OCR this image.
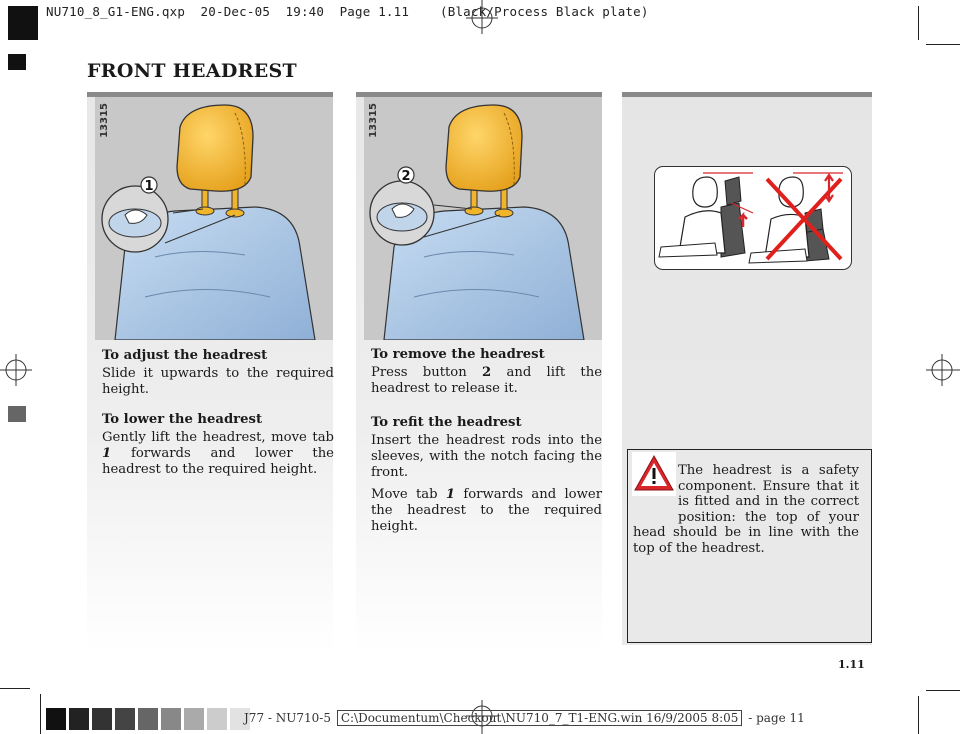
NU710_8_G1-ENG.qxp  20-Dec-05  19:40  Page 1.11    (Black/Process Black plate)
FRONT HEADREST
13315
1
13315
2
To adjust the headrest

Slide it upwards to the required height.

To lower the headrest

Gently lift the headrest, move tab 1 forwards and lower the headrest to the required height.

To remove the headrest

Press button 2 and lift the headrest to release it.

To refit the headrest

Insert the headrest rods into the sleeves, with the notch facing the front.

Move tab 1 forwards and lower the headrest to the required height.

The headrest is a safety component. Ensure that it is fitted and in the correct position: the top of your head should be in line with the top of the headrest.
1.11
J77 - NU710-5 C:\Documentum\Checkout\NU710_7_T1-ENG.win 16/9/2005 8:05 - page 11
